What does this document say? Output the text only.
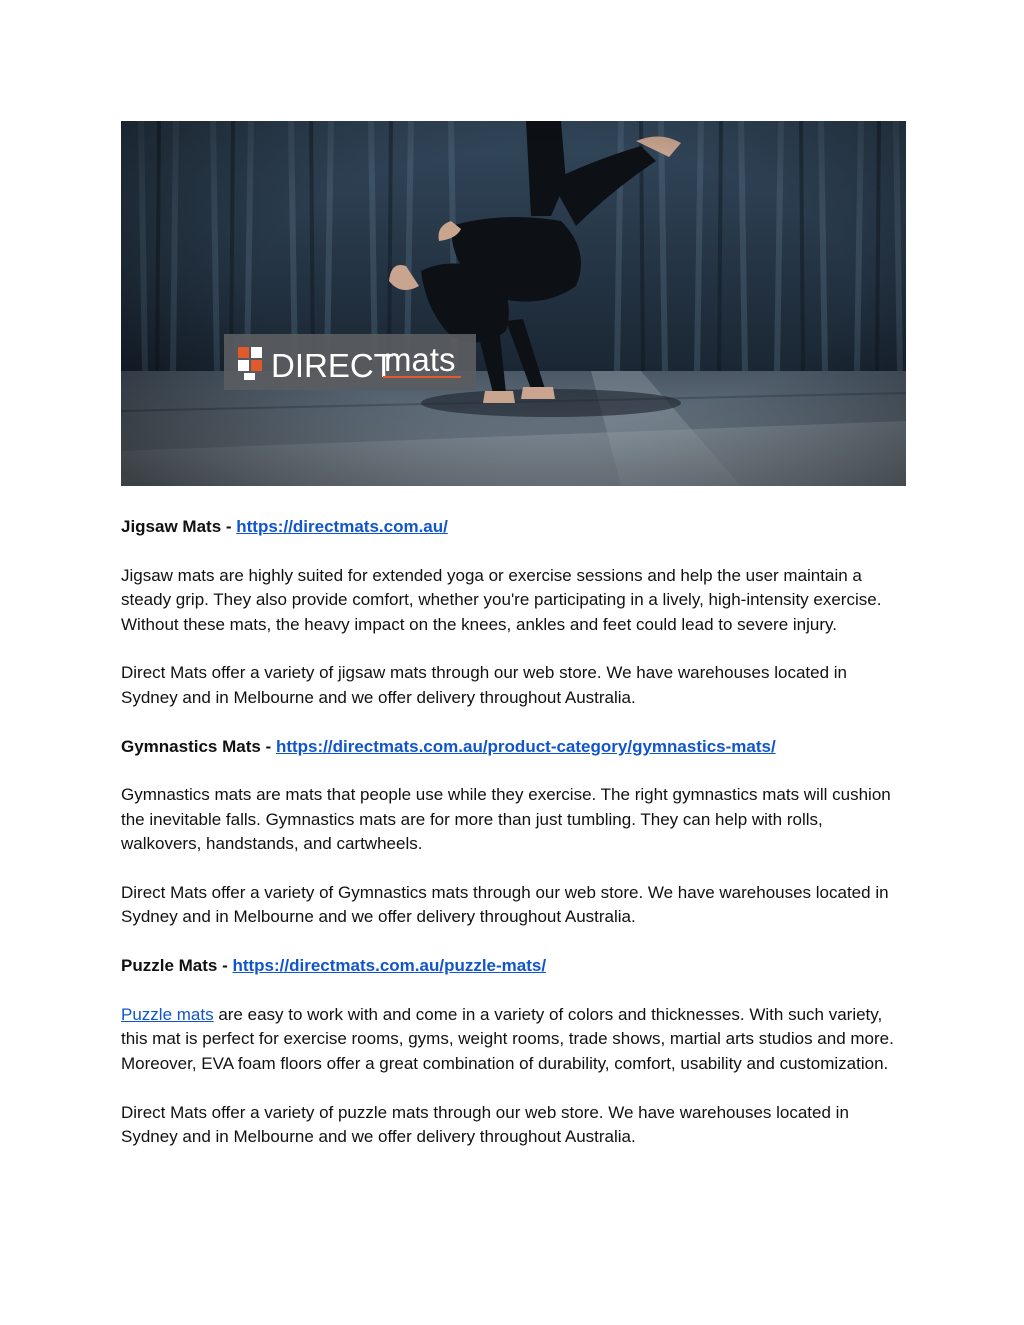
DIRECT
mats

Jigsaw Mats - https://directmats.com.au/

Jigsaw mats are highly suited for extended yoga or exercise sessions and help the user maintain a steady grip. They also provide comfort, whether you're participating in a lively, high-intensity exercise. Without these mats, the heavy impact on the knees, ankles and feet could lead to severe injury.

Direct Mats offer a variety of jigsaw mats through our web store. We have warehouses located in Sydney and in Melbourne and we offer delivery throughout Australia.

Gymnastics Mats - https://directmats.com.au/product-category/gymnastics-mats/

Gymnastics mats are mats that people use while they exercise. The right gymnastics mats will cushion the inevitable falls. Gymnastics mats are for more than just tumbling. They can help with rolls, walkovers, handstands, and cartwheels.

Direct Mats offer a variety of Gymnastics mats through our web store. We have warehouses located in Sydney and in Melbourne and we offer delivery throughout Australia.

Puzzle Mats - https://directmats.com.au/puzzle-mats/

Puzzle mats are easy to work with and come in a variety of colors and thicknesses. With such variety, this mat is perfect for exercise rooms, gyms, weight rooms, trade shows, martial arts studios and more. Moreover, EVA foam floors offer a great combination of durability, comfort, usability and customization.

Direct Mats offer a variety of puzzle mats through our web store. We have warehouses located in Sydney and in Melbourne and we offer delivery throughout Australia.
